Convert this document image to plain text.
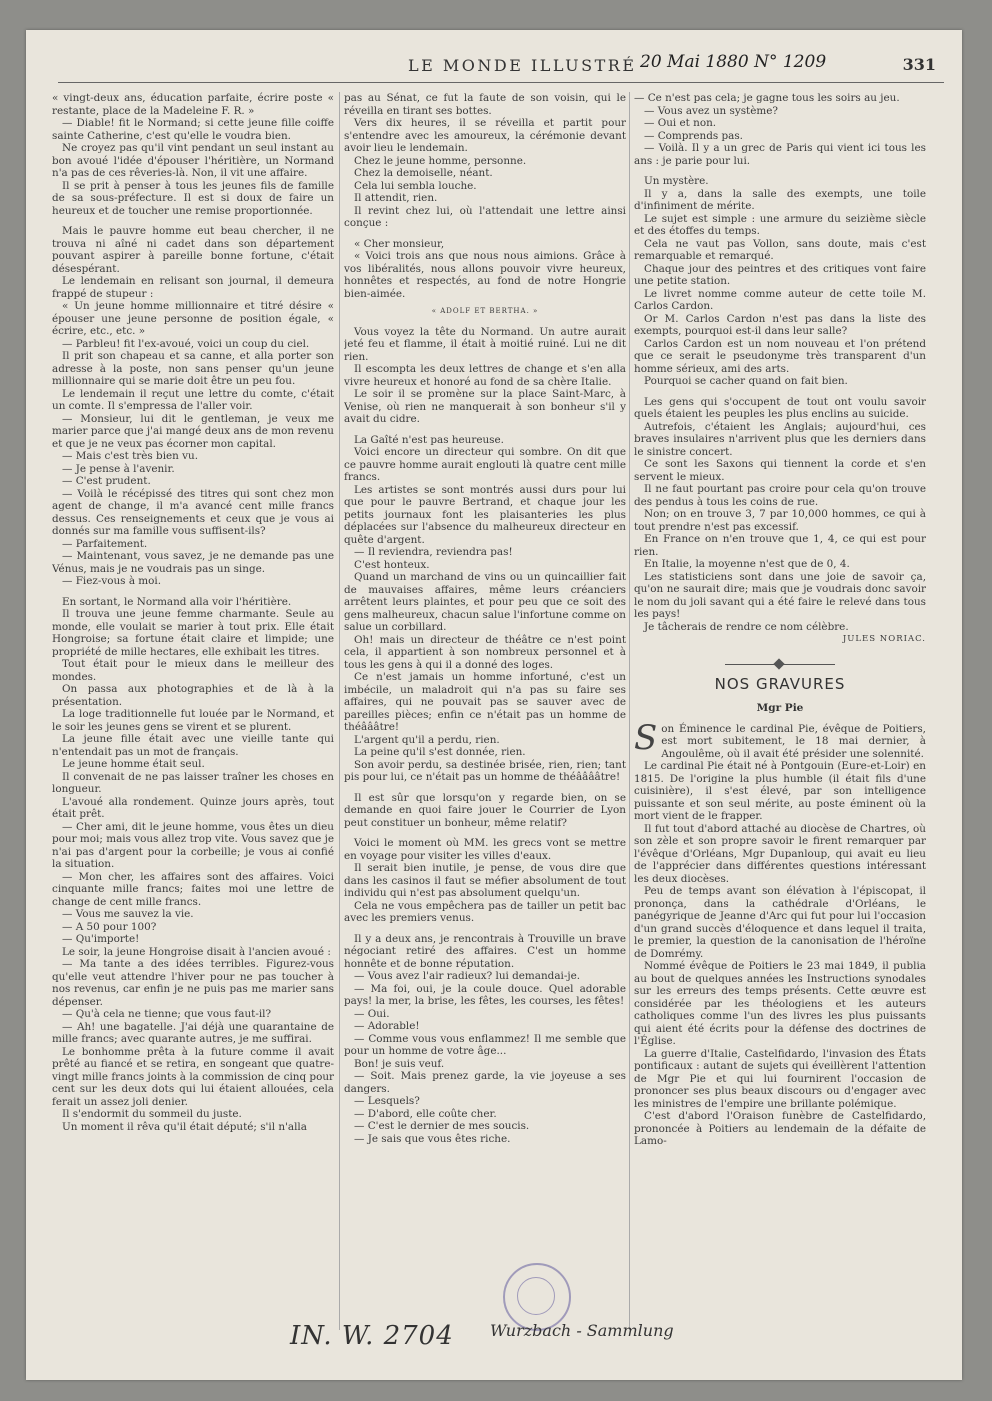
LE MONDE ILLUSTRÉ 20 Mai 1880 N° 1209	331

« vingt-deux ans, éducation parfaite, écrire poste « restante, place de la Madeleine F. R. »

— Diable! fit le Normand; si cette jeune fille coiffe sainte Catherine, c'est qu'elle le voudra bien.

Ne croyez pas qu'il vint pendant un seul instant au bon avoué l'idée d'épouser l'héritière, un Normand n'a pas de ces rêveries-là. Non, il vit une affaire.

Il se prit à penser à tous les jeunes fils de famille de sa sous-préfecture. Il est si doux de faire un heureux et de toucher une remise proportionnée.

Mais le pauvre homme eut beau chercher, il ne trouva ni aîné ni cadet dans son département pouvant aspirer à pareille bonne fortune, c'était désespérant.

Le lendemain en relisant son journal, il demeura frappé de stupeur :

« Un jeune homme millionnaire et titré désire « épouser une jeune personne de position égale, « écrire, etc., etc. »

— Parbleu! fit l'ex-avoué, voici un coup du ciel.

Il prit son chapeau et sa canne, et alla porter son adresse à la poste, non sans penser qu'un jeune millionnaire qui se marie doit être un peu fou.

Le lendemain il reçut une lettre du comte, c'était un comte. Il s'empressa de l'aller voir.

— Monsieur, lui dit le gentleman, je veux me marier parce que j'ai mangé deux ans de mon revenu et que je ne veux pas écorner mon capital.

— Mais c'est très bien vu.

— Je pense à l'avenir.

— C'est prudent.

— Voilà le récépissé des titres qui sont chez mon agent de change, il m'a avancé cent mille francs dessus. Ces renseignements et ceux que je vous ai donnés sur ma famille vous suffisent-ils?

— Parfaitement.

— Maintenant, vous savez, je ne demande pas une Vénus, mais je ne voudrais pas un singe.

— Fiez-vous à moi.

En sortant, le Normand alla voir l'héritière.

Il trouva une jeune femme charmante. Seule au monde, elle voulait se marier à tout prix. Elle était Hongroise; sa fortune était claire et limpide; une propriété de mille hectares, elle exhibait les titres.

Tout était pour le mieux dans le meilleur des mondes.

On passa aux photographies et de là à la présentation.

La loge traditionnelle fut louée par le Normand, et le soir les jeunes gens se virent et se plurent.

La jeune fille était avec une vieille tante qui n'entendait pas un mot de français.

Le jeune homme était seul.

Il convenait de ne pas laisser traîner les choses en longueur.

L'avoué alla rondement. Quinze jours après, tout était prêt.

— Cher ami, dit le jeune homme, vous êtes un dieu pour moi; mais vous allez trop vite. Vous savez que je n'ai pas d'argent pour la corbeille; je vous ai confié la situation.

— Mon cher, les affaires sont des affaires. Voici cinquante mille francs; faites moi une lettre de change de cent mille francs.

— Vous me sauvez la vie.

— A 50 pour 100?

— Qu'importe!

Le soir, la jeune Hongroise disait à l'ancien avoué :

— Ma tante a des idées terribles. Figurez-vous qu'elle veut attendre l'hiver pour ne pas toucher à nos revenus, car enfin je ne puis pas me marier sans dépenser.

— Qu'à cela ne tienne; que vous faut-il?

— Ah! une bagatelle. J'ai déjà une quarantaine de mille francs; avec quarante autres, je me suffirai.

Le bonhomme prêta à la future comme il avait prêté au fiancé et se retira, en songeant que quatre-vingt mille francs joints à la commission de cinq pour cent sur les deux dots qui lui étaient allouées, cela ferait un assez joli denier.

Il s'endormit du sommeil du juste.

Un moment il rêva qu'il était député; s'il n'alla

pas au Sénat, ce fut la faute de son voisin, qui le réveilla en tirant ses bottes.

Vers dix heures, il se réveilla et partit pour s'entendre avec les amoureux, la cérémonie devant avoir lieu le lendemain.

Chez le jeune homme, personne.

Chez la demoiselle, néant.

Cela lui sembla louche.

Il attendit, rien.

Il revint chez lui, où l'attendait une lettre ainsi conçue :

« Cher monsieur,

« Voici trois ans que nous nous aimions. Grâce à vos libéralités, nous allons pouvoir vivre heureux, honnêtes et respectés, au fond de notre Hongrie bien-aimée.

« ADOLF ET BERTHA. »

Vous voyez la tête du Normand. Un autre aurait jeté feu et flamme, il était à moitié ruiné. Lui ne dit rien.

Il escompta les deux lettres de change et s'en alla vivre heureux et honoré au fond de sa chère Italie.

Le soir il se promène sur la place Saint-Marc, à Venise, où rien ne manquerait à son bonheur s'il y avait du cidre.

La Gaîté n'est pas heureuse.

Voici encore un directeur qui sombre. On dit que ce pauvre homme aurait englouti là quatre cent mille francs.

Les artistes se sont montrés aussi durs pour lui que pour le pauvre Bertrand, et chaque jour les petits journaux font les plaisanteries les plus déplacées sur l'absence du malheureux directeur en quête d'argent.

— Il reviendra, reviendra pas!

C'est honteux.

Quand un marchand de vins ou un quincaillier fait de mauvaises affaires, même leurs créanciers arrêtent leurs plaintes, et pour peu que ce soit des gens malheureux, chacun salue l'infortune comme on salue un corbillard.

Oh! mais un directeur de théâtre ce n'est point cela, il appartient à son nombreux personnel et à tous les gens à qui il a donné des loges.

Ce n'est jamais un homme infortuné, c'est un imbécile, un maladroit qui n'a pas su faire ses affaires, qui ne pouvait pas se sauver avec de pareilles pièces; enfin ce n'était pas un homme de théâââtre!

L'argent qu'il a perdu, rien.

La peine qu'il s'est donnée, rien.

Son avoir perdu, sa destinée brisée, rien, rien; tant pis pour lui, ce n'était pas un homme de théââââtre!

Il est sûr que lorsqu'on y regarde bien, on se demande en quoi faire jouer le Courrier de Lyon peut constituer un bonheur, même relatif?

Voici le moment où MM. les grecs vont se mettre en voyage pour visiter les villes d'eaux.

Il serait bien inutile, je pense, de vous dire que dans les casinos il faut se méfier absolument de tout individu qui n'est pas absolument quelqu'un.

Cela ne vous empêchera pas de tailler un petit bac avec les premiers venus.

Il y a deux ans, je rencontrais à Trouville un brave négociant retiré des affaires. C'est un homme honnête et de bonne réputation.

— Vous avez l'air radieux? lui demandai-je.

— Ma foi, oui, je la coule douce. Quel adorable pays! la mer, la brise, les fêtes, les courses, les fêtes!

— Oui.

— Adorable!

— Comme vous vous enflammez! Il me semble que pour un homme de votre âge...

Bon! je suis veuf.

— Soit. Mais prenez garde, la vie joyeuse a ses dangers.

— Lesquels?

— D'abord, elle coûte cher.

— C'est le dernier de mes soucis.

— Je sais que vous êtes riche.

— Ce n'est pas cela; je gagne tous les soirs au jeu.

— Vous avez un système?

— Oui et non.

— Comprends pas.

— Voilà. Il y a un grec de Paris qui vient ici tous les ans : je parie pour lui.

Un mystère.

Il y a, dans la salle des exempts, une toile d'infiniment de mérite.

Le sujet est simple : une armure du seizième siècle et des étoffes du temps.

Cela ne vaut pas Vollon, sans doute, mais c'est remarquable et remarqué.

Chaque jour des peintres et des critiques vont faire une petite station.

Le livret nomme comme auteur de cette toile M. Carlos Cardon.

Or M. Carlos Cardon n'est pas dans la liste des exempts, pourquoi est-il dans leur salle?

Carlos Cardon est un nom nouveau et l'on prétend que ce serait le pseudonyme très transparent d'un homme sérieux, ami des arts.

Pourquoi se cacher quand on fait bien.

Les gens qui s'occupent de tout ont voulu savoir quels étaient les peuples les plus enclins au suicide.

Autrefois, c'étaient les Anglais; aujourd'hui, ces braves insulaires n'arrivent plus que les derniers dans le sinistre concert.

Ce sont les Saxons qui tiennent la corde et s'en servent le mieux.

Il ne faut pourtant pas croire pour cela qu'on trouve des pendus à tous les coins de rue.

Non; on en trouve 3, 7 par 10,000 hommes, ce qui à tout prendre n'est pas excessif.

En France on n'en trouve que 1, 4, ce qui est pour rien.

En Italie, la moyenne n'est que de 0, 4.

Les statisticiens sont dans une joie de savoir ça, qu'on ne saurait dire; mais que je voudrais donc savoir le nom du joli savant qui a été faire le relevé dans tous les pays!

Je tâcherais de rendre ce nom célèbre.

JULES NORIAC.

NOS GRAVURES
Mgr Pie

Son Éminence le cardinal Pie, évêque de Poitiers, est mort subitement, le 18 mai dernier, à Angoulême, où il avait été présider une solennité.

Le cardinal Pie était né à Pontgouin (Eure-et-Loir) en 1815. De l'origine la plus humble (il était fils d'une cuisinière), il s'est élevé, par son intelligence puissante et son seul mérite, au poste éminent où la mort vient de le frapper.

Il fut tout d'abord attaché au diocèse de Chartres, où son zèle et son propre savoir le firent remarquer par l'évêque d'Orléans, Mgr Dupanloup, qui avait eu lieu de l'apprécier dans différentes questions intéressant les deux diocèses.

Peu de temps avant son élévation à l'épiscopat, il prononça, dans la cathédrale d'Orléans, le panégyrique de Jeanne d'Arc qui fut pour lui l'occasion d'un grand succès d'éloquence et dans lequel il traita, le premier, la question de la canonisation de l'héroïne de Domrémy.

Nommé évêque de Poitiers le 23 mai 1849, il publia au bout de quelques années les Instructions synodales sur les erreurs des temps présents. Cette œuvre est considérée par les théologiens et les auteurs catholiques comme l'un des livres les plus puissants qui aient été écrits pour la défense des doctrines de l'Église.

La guerre d'Italie, Castelfidardo, l'invasion des États pontificaux : autant de sujets qui éveillèrent l'attention de Mgr Pie et qui lui fournirent l'occasion de prononcer ses plus beaux discours ou d'engager avec les ministres de l'empire une brillante polémique.

C'est d'abord l'Oraison funèbre de Castelfidardo, prononcée à Poitiers au lendemain de la défaite de Lamo-

IN. W. 2704 Wurzbach - Sammlung
